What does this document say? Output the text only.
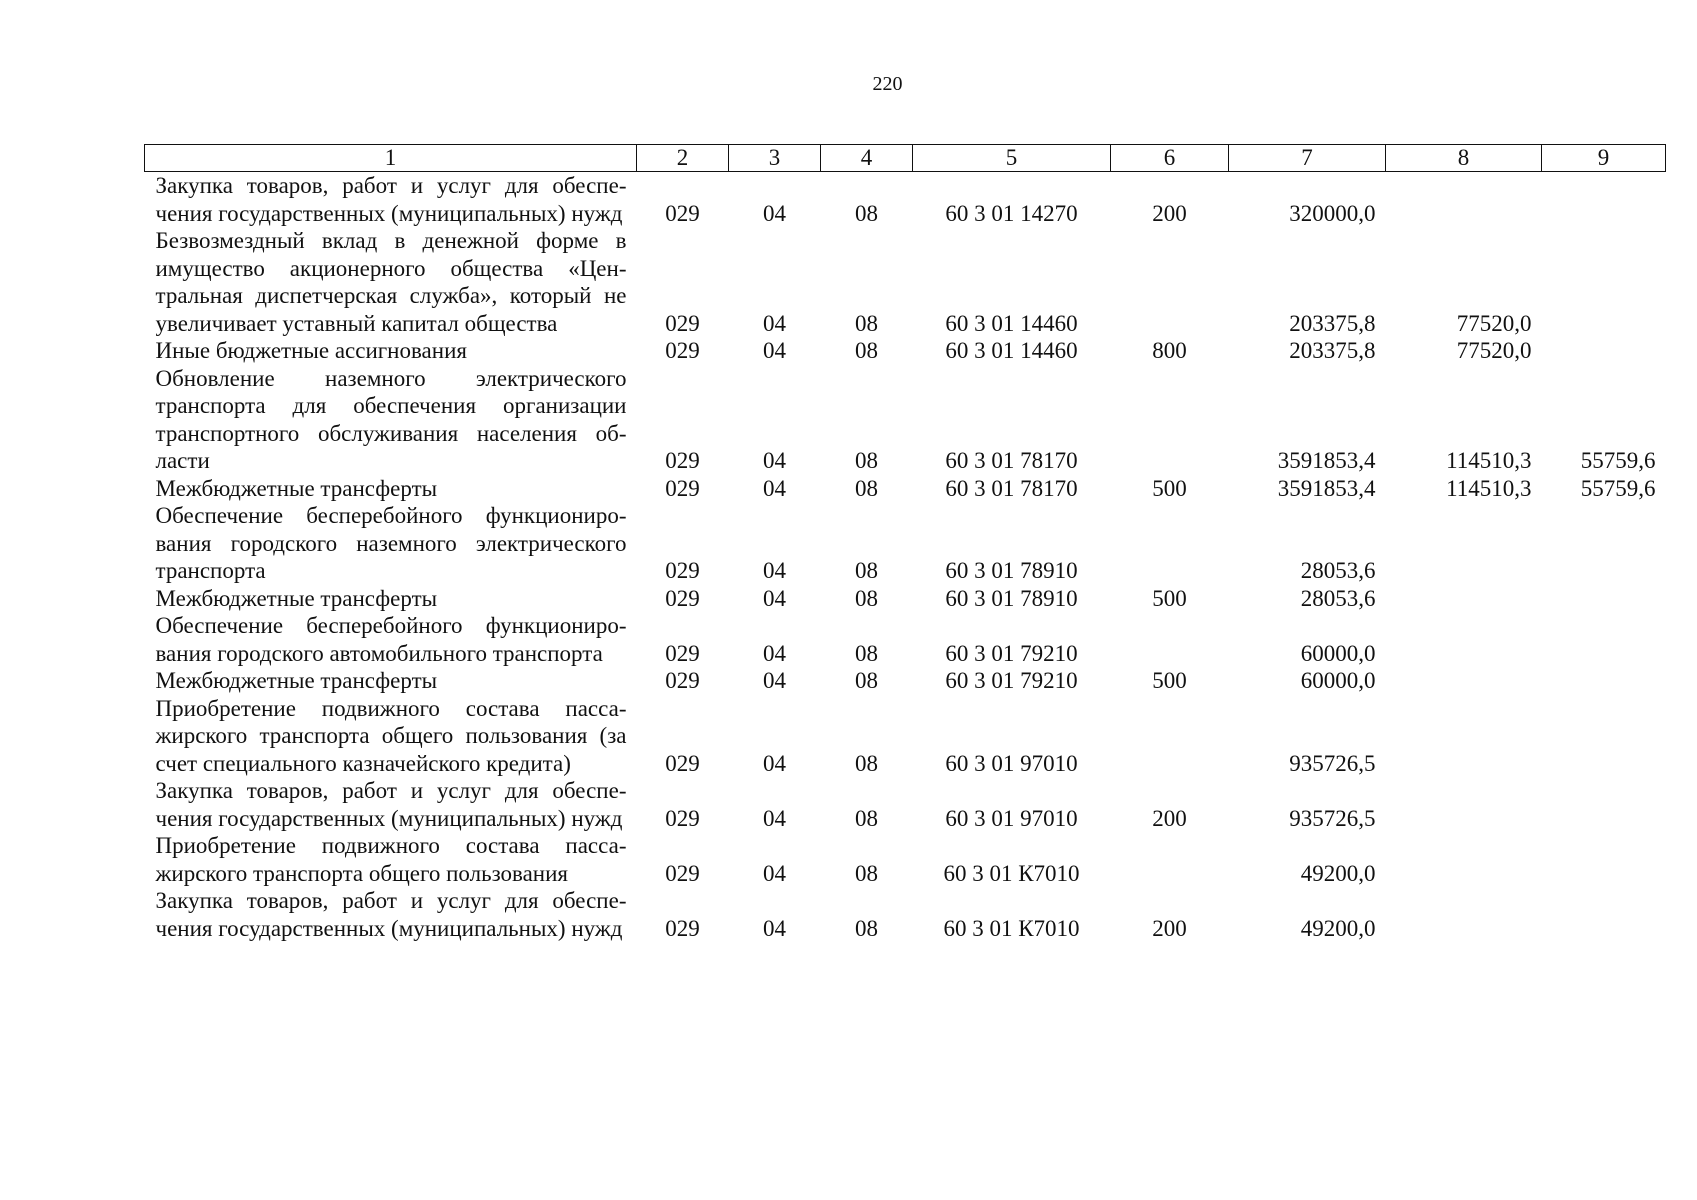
220
1	2	3	4	5	6	7	8	9
Закупка товаров, работ и услуг для обеспечения государственных (муниципальных) нужд	029	04	08	60 3 01 14270	200	320000,0		
Безвозмездный вклад в денежной форме в имущество акционерного общества «Центральная диспетчерская служба», который не увеличивает уставный капитал общества	029	04	08	60 3 01 14460		203375,8	77520,0	
Иные бюджетные ассигнования	029	04	08	60 3 01 14460	800	203375,8	77520,0	
Обновление наземного электрического транспорта для обеспечения организации транспортного обслуживания населения области	029	04	08	60 3 01 78170		3591853,4	114510,3	55759,6
Межбюджетные трансферты	029	04	08	60 3 01 78170	500	3591853,4	114510,3	55759,6
Обеспечение бесперебойного функционирования городского наземного электрического транспорта	029	04	08	60 3 01 78910		28053,6		
Межбюджетные трансферты	029	04	08	60 3 01 78910	500	28053,6		
Обеспечение бесперебойного функционирования городского автомобильного транспорта	029	04	08	60 3 01 79210		60000,0		
Межбюджетные трансферты	029	04	08	60 3 01 79210	500	60000,0		
Приобретение подвижного состава пассажирского транспорта общего пользования (за счет специального казначейского кредита)	029	04	08	60 3 01 97010		935726,5		
Закупка товаров, работ и услуг для обеспечения государственных (муниципальных) нужд	029	04	08	60 3 01 97010	200	935726,5		
Приобретение подвижного состава пассажирского транспорта общего пользования	029	04	08	60 3 01 К7010		49200,0		
Закупка товаров, работ и услуг для обеспечения государственных (муниципальных) нужд	029	04	08	60 3 01 К7010	200	49200,0		
